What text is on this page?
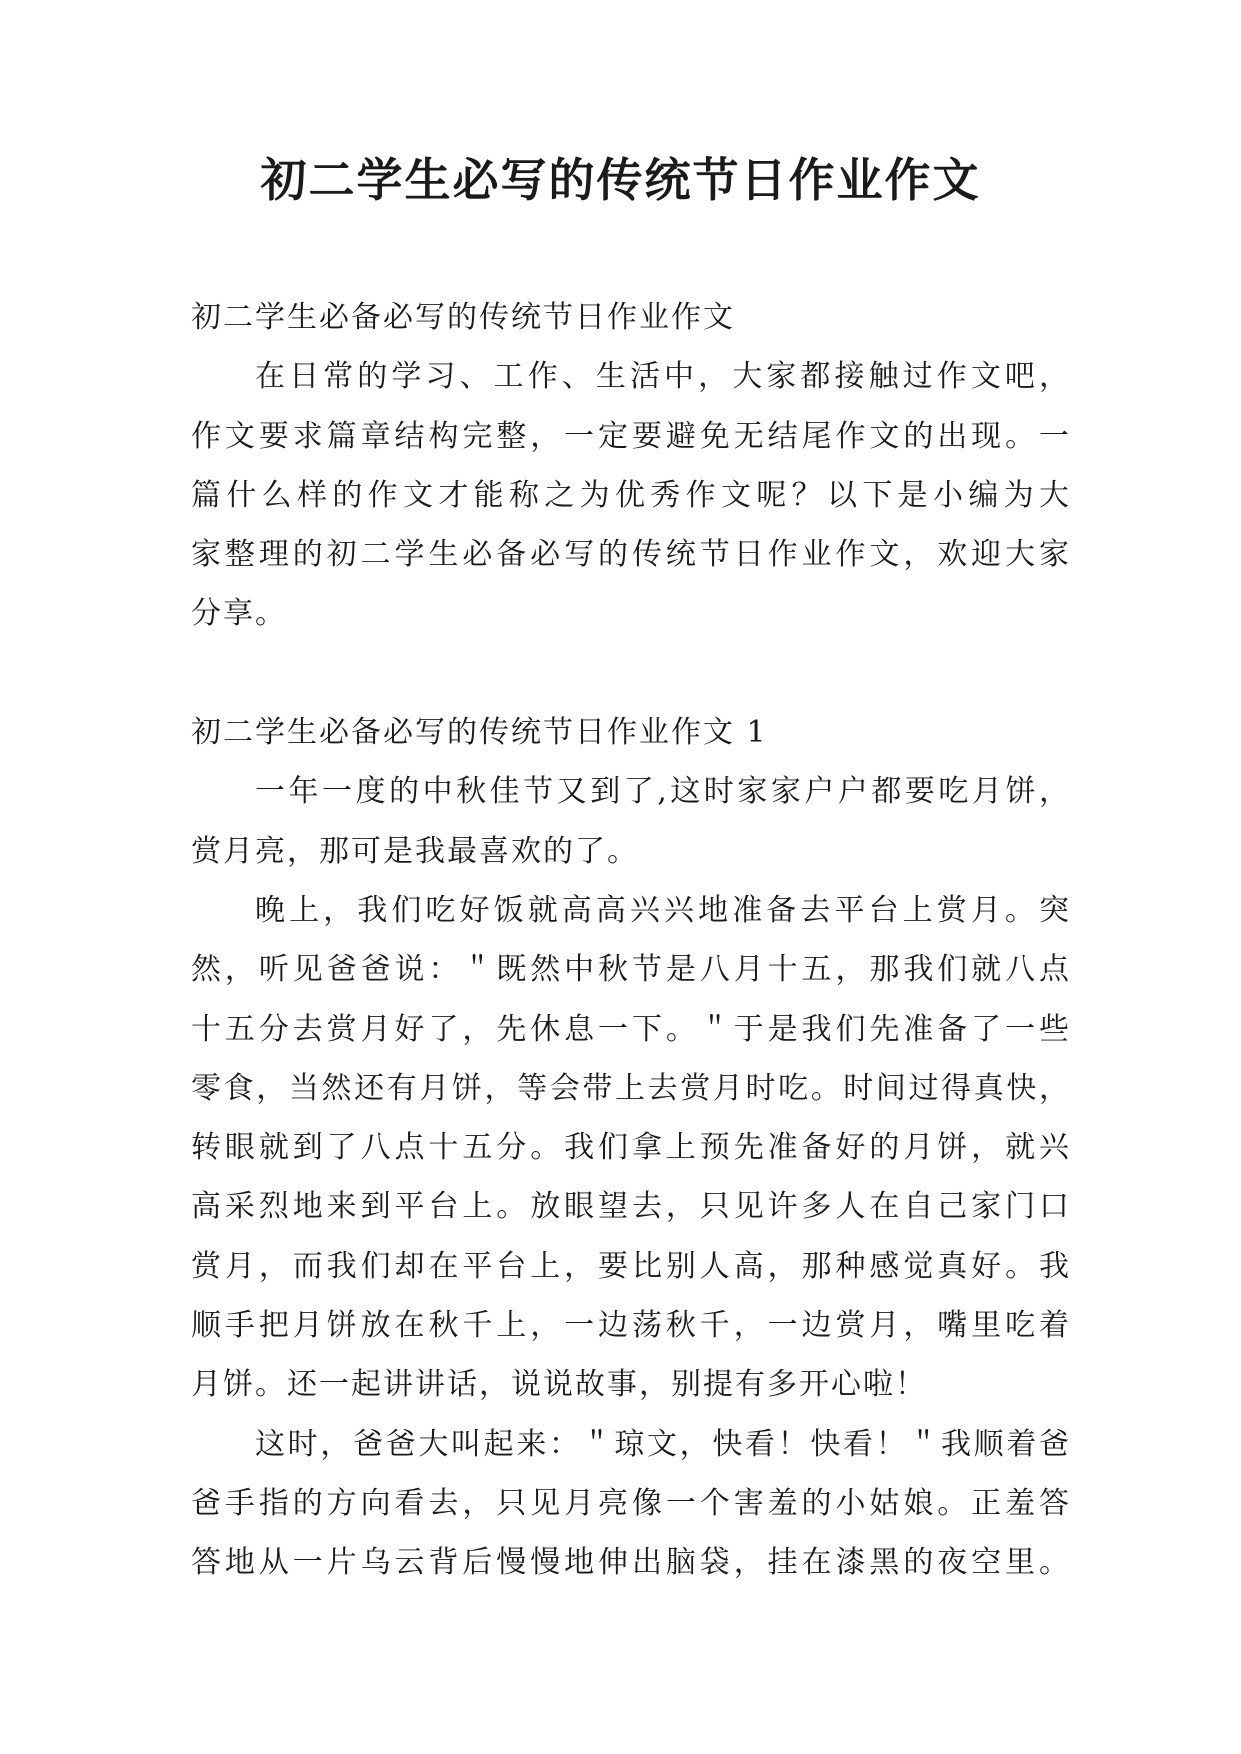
初二学生必写的传统节日作业作文
初二学生必备必写的传统节日作业作文
在日常的学习、工作、生活中，大家都接触过作文吧，
作文要求篇章结构完整，一定要避免无结尾作文的出现。一
篇什么样的作文才能称之为优秀作文呢？以下是小编为大
家整理的初二学生必备必写的传统节日作业作文，欢迎大家
分享。
初二学生必备必写的传统节日作业作文 1
一年一度的中秋佳节又到了,这时家家户户都要吃月饼，
赏月亮，那可是我最喜欢的了。
晚上，我们吃好饭就高高兴兴地准备去平台上赏月。突
然，听见爸爸说：＂既然中秋节是八月十五，那我们就八点
十五分去赏月好了，先休息一下。＂于是我们先准备了一些
零食，当然还有月饼，等会带上去赏月时吃。时间过得真快，
转眼就到了八点十五分。我们拿上预先准备好的月饼，就兴
高采烈地来到平台上。放眼望去，只见许多人在自己家门口
赏月，而我们却在平台上，要比别人高，那种感觉真好。我
顺手把月饼放在秋千上，一边荡秋千，一边赏月，嘴里吃着
月饼。还一起讲讲话，说说故事，别提有多开心啦！
这时，爸爸大叫起来：＂琼文，快看！快看！＂我顺着爸
爸手指的方向看去，只见月亮像一个害羞的小姑娘。正羞答
答地从一片乌云背后慢慢地伸出脑袋，挂在漆黑的夜空里。
